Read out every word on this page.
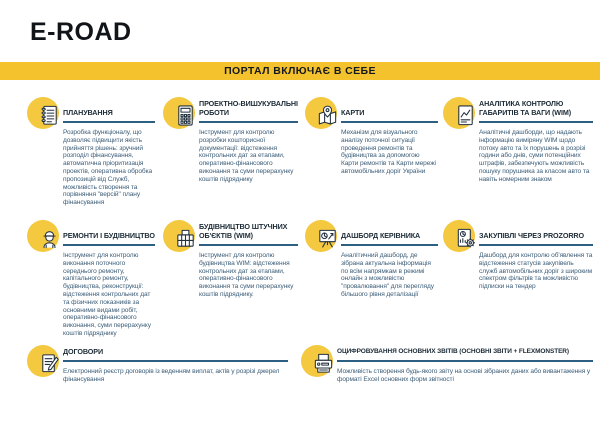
E-ROAD
ПОРТАЛ ВКЛЮЧАЄ В СЕБЕ
ПЛАНУВАННЯ
Розробка функціоналу, що дозволяє підвищити якість прийняття рішень: зручний розподіл фінансування, автоматична пріоритизація проектів, оперативна обробка пропозицій від Служб, можливість створення та порівняння "версій" плану фінансування
ПРОЕКТНО-ВИШУКУВАЛЬНІ РОБОТИ
Інструмент для контролю розробки кошторисної документації: відстеження контрольних дат за етапами, оперативно-фінансового виконання та суми перерахунку коштів підряднику
КАРТИ
Механізм для візуального аналізу поточної ситуації проведення ремонтів та будівництва за допомогою Карти ремонтів та Карти мережі автомобільних доріг України
АНАЛІТИКА КОНТРОЛЮ ГАБАРИТІВ ТА ВАГИ (WIM)
Аналітичні дашборди, що надають інформацію виміряну WIM щодо потоку авто та їх порушень в розрізі години або днів, суми потенційних штрафів, забезпечують можливість пошуку порушника за класом авто та навіть номерним знаком
РЕМОНТИ І БУДІВНИЦТВО
Інструмент для контролю виконання поточного середнього ремонту, капітального ремонту, будівництва, реконструкції: відстеження контрольних дат та фізичних показників за основними видами робіт, оперативно-фінансового виконання, суми перерахунку коштів підряднику
БУДІВНИЦТВО ШТУЧНИХ ОБ'ЄКТІВ (WIM)
Інструмент для контролю будівництва WIM: відстеження контрольних дат за етапами, оперативно-фінансового виконання та суми перерахунку коштів підряднику.
ДАШБОРД КЕРІВНИКА
Аналітичний дашборд, де зібрана актуальна інформація по всім напрямкам в режимі онлайн з можливістю "провалювання" для перегляду більшого рівня деталізації
ЗАКУПІВЛІ ЧЕРЕЗ PROZORRO
Дашборд для контролю об'явлення та відстеження статусів закупівель служб автомобільних доріг з широким спектром фільтрів та можливістю підписки на тендер
ДОГОВОРИ
Електронний реєстр договорів із веденням виплат, актів у розрізі джерел фінансування
ОЦИФРОВУВАННЯ ОСНОВНИХ ЗВІТІВ (ОСНОВНІ ЗВІТИ + FLEXMONSTER)
Можливість створення будь-якого звіту на основі зібраних даних або вивантаження у форматі Excel основних форм звітності
